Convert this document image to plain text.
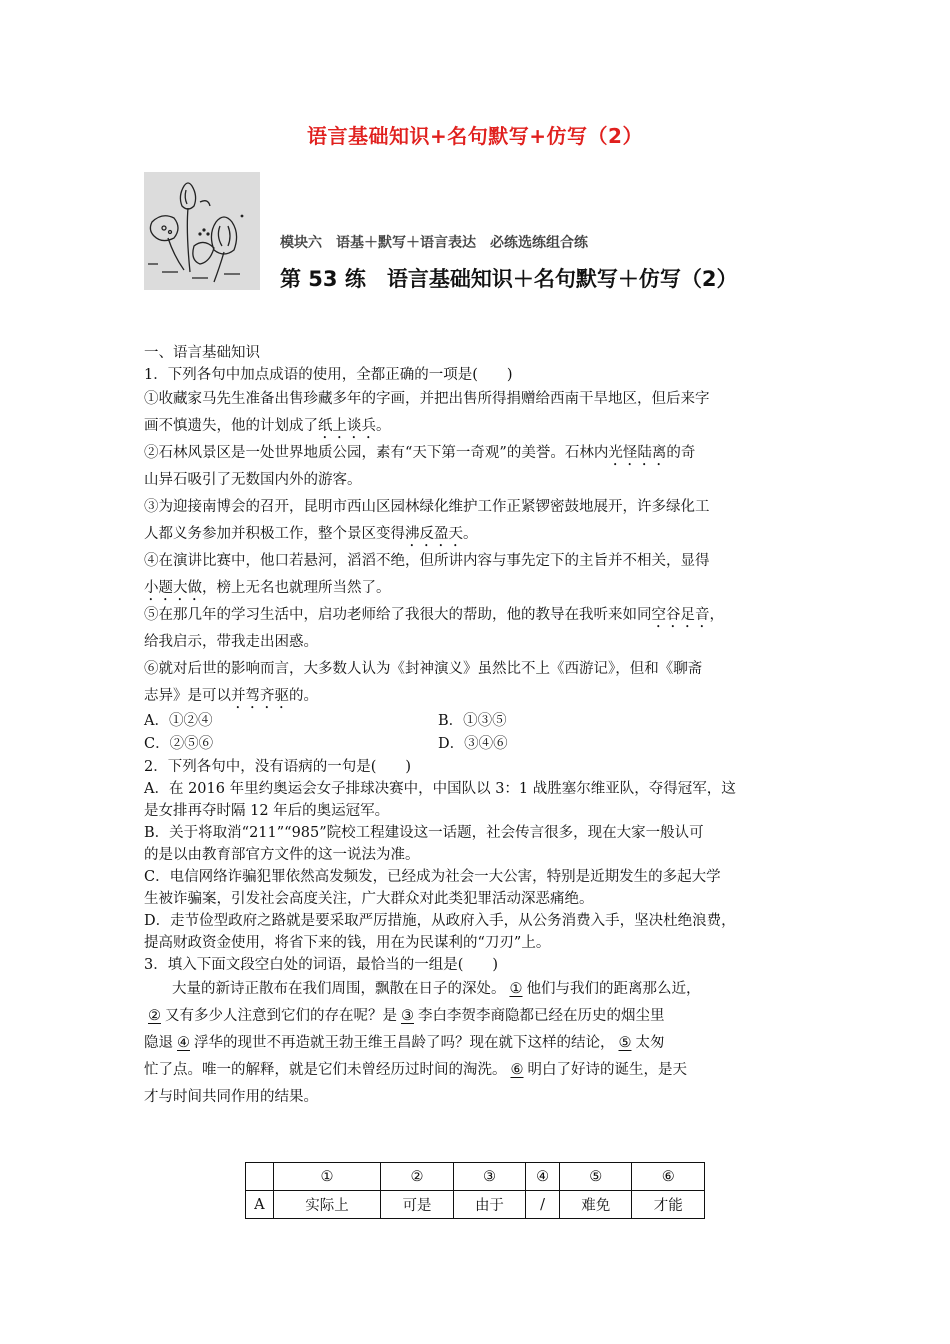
语言基础知识+名句默写+仿写（2）
模块六　语基＋默写＋语言表达　必练选练组合练
第 53 练　语言基础知识＋名句默写＋仿写（2）
一、语言基础知识
1．下列各句中加点成语的使用，全都正确的一项是(　　)
①收藏家马先生准备出售珍藏多年的字画，并把出售所得捐赠给西南干旱地区，但后来字
画不慎遗失，他的计划成了纸上谈兵。
②石林风景区是一处世界地质公园，素有“天下第一奇观”的美誉。石林内光怪陆离的奇
山异石吸引了无数国内外的游客。
③为迎接南博会的召开，昆明市西山区园林绿化维护工作正紧锣密鼓地展开，许多绿化工
人都义务参加并积极工作，整个景区变得沸反盈天。
④在演讲比赛中，他口若悬河，滔滔不绝，但所讲内容与事先定下的主旨并不相关，显得
小题大做，榜上无名也就理所当然了。
⑤在那几年的学习生活中，启功老师给了我很大的帮助，他的教导在我听来如同空谷足音，
给我启示，带我走出困惑。
⑥就对后世的影响而言，大多数人认为《封神演义》虽然比不上《西游记》，但和《聊斋
志异》是可以并驾齐驱的。
A．①②④	B．①③⑤
C．②⑤⑥	D．③④⑥
2．下列各句中，没有语病的一句是(　　)
A．在 2016 年里约奥运会女子排球决赛中，中国队以 3：1 战胜塞尔维亚队，夺得冠军，这
是女排再夺时隔 12 年后的奥运冠军。
B．关于将取消“211”“985”院校工程建设这一话题，社会传言很多，现在大家一般认可
的是以由教育部官方文件的这一说法为准。
C．电信网络诈骗犯罪依然高发频发，已经成为社会一大公害，特别是近期发生的多起大学
生被诈骗案，引发社会高度关注，广大群众对此类犯罪活动深恶痛绝。
D．走节俭型政府之路就是要采取严厉措施，从政府入手，从公务消费入手，坚决杜绝浪费，
提高财政资金使用，将省下来的钱，用在为民谋利的“刀刃”上。
3．填入下面文段空白处的词语，最恰当的一组是(　　)
大量的新诗正散布在我们周围，飘散在日子的深处。 ① 他们与我们的距离那么近，
② 又有多少人注意到它们的存在呢？是 ③ 李白李贺李商隐都已经在历史的烟尘里
隐退 ④ 浮华的现世不再造就王勃王维王昌龄了吗？现在就下这样的结论， ⑤ 太匆
忙了点。唯一的解释，就是它们未曾经历过时间的淘洗。 ⑥ 明白了好诗的诞生，是天
才与时间共同作用的结果。
	①	②	③	④	⑤	⑥
A	实际上	可是	由于	/	难免	才能
